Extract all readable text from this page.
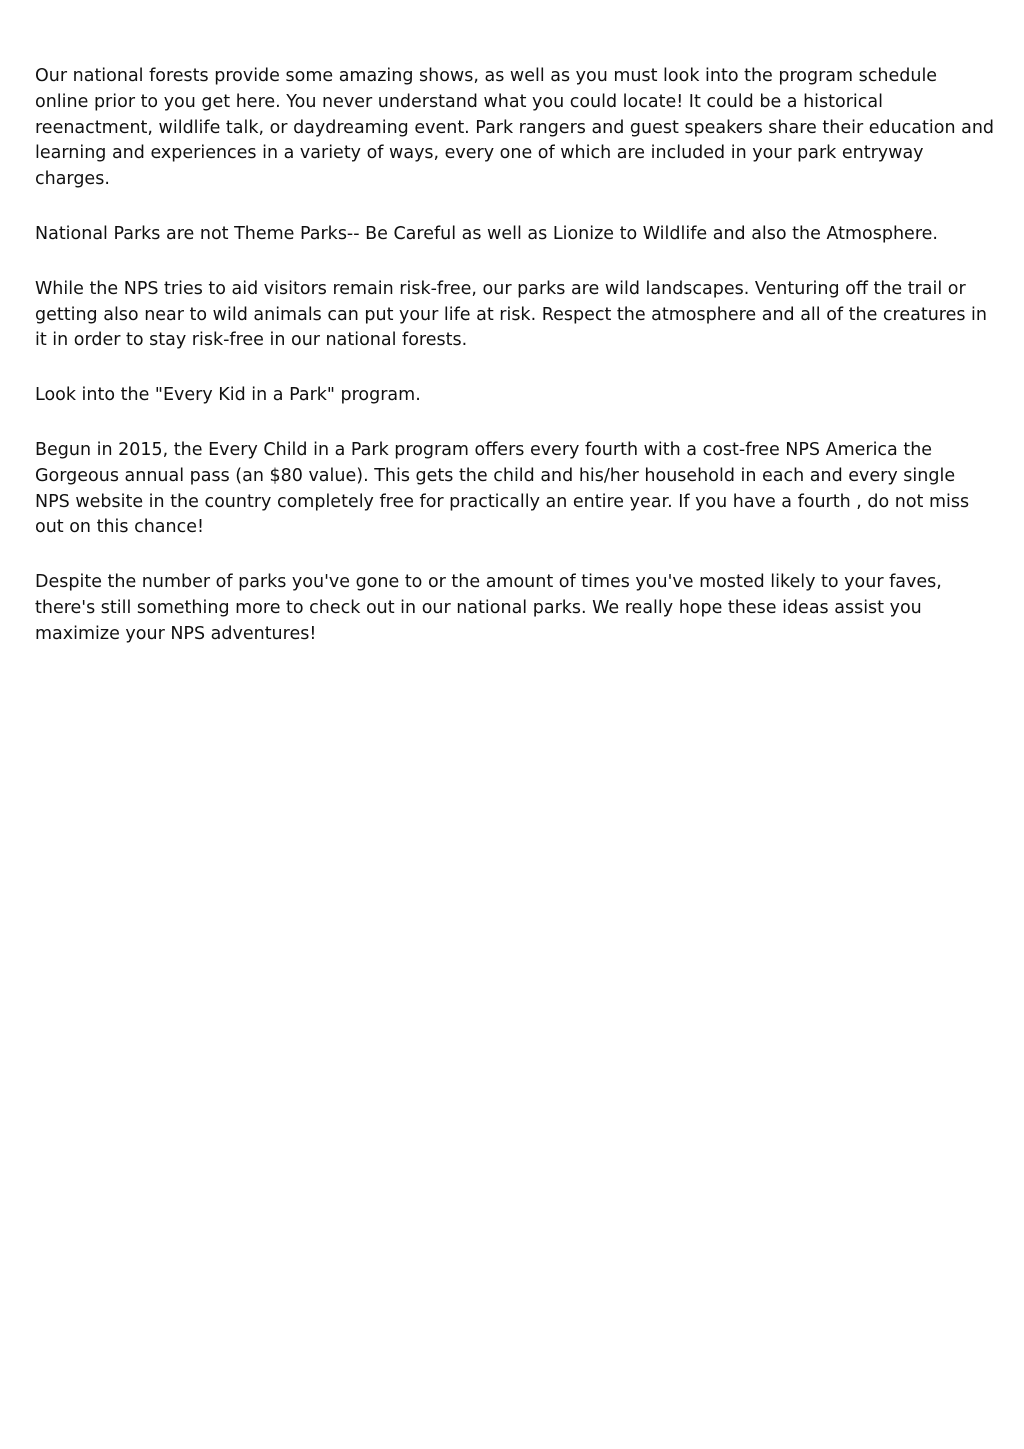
Our national forests provide some amazing shows, as well as you must look into the program schedule online prior to you get here. You never understand what you could locate! It could be a historical reenactment, wildlife talk, or daydreaming event. Park rangers and guest speakers share their education and learning and experiences in a variety of ways, every one of which are included in your park entryway charges.

National Parks are not Theme Parks-- Be Careful as well as Lionize to Wildlife and also the Atmosphere.

While the NPS tries to aid visitors remain risk-free, our parks are wild landscapes. Venturing off the trail or getting also near to wild animals can put your life at risk. Respect the atmosphere and all of the creatures in it in order to stay risk-free in our national forests.

Look into the "Every Kid in a Park" program.

Begun in 2015, the Every Child in a Park program offers every fourth with a cost-free NPS America the Gorgeous annual pass (an $80 value). This gets the child and his/her household in each and every single NPS website in the country completely free for practically an entire year. If you have a fourth , do not miss out on this chance!

Despite the number of parks you've gone to or the amount of times you've mosted likely to your faves, there's still something more to check out in our national parks. We really hope these ideas assist you maximize your NPS adventures!
